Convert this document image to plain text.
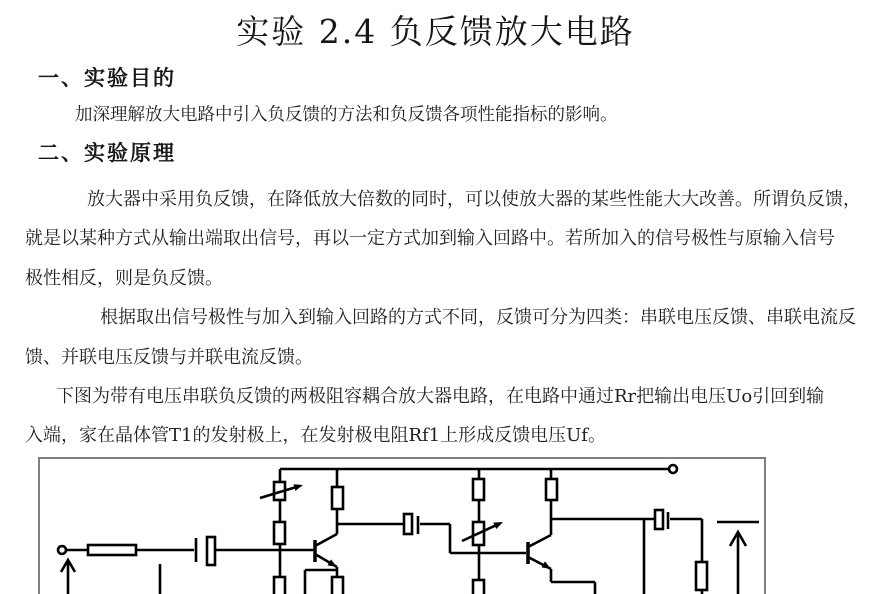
实验 2.4 负反馈放大电路
一、实验目的
加深理解放大电路中引入负反馈的方法和负反馈各项性能指标的影响。
二、实验原理
放大器中采用负反馈，在降低放大倍数的同时，可以使放大器的某些性能大大改善。所谓负反馈，
就是以某种方式从输出端取出信号，再以一定方式加到输入回路中。若所加入的信号极性与原输入信号
极性相反，则是负反馈。
根据取出信号极性与加入到输入回路的方式不同，反馈可分为四类：串联电压反馈、串联电流反
馈、并联电压反馈与并联电流反馈。
下图为带有电压串联负反馈的两极阻容耦合放大器电路，在电路中通过Rr把输出电压Uo引回到输
入端，家在晶体管T1的发射极上，在发射极电阻Rf1上形成反馈电压Uf。
